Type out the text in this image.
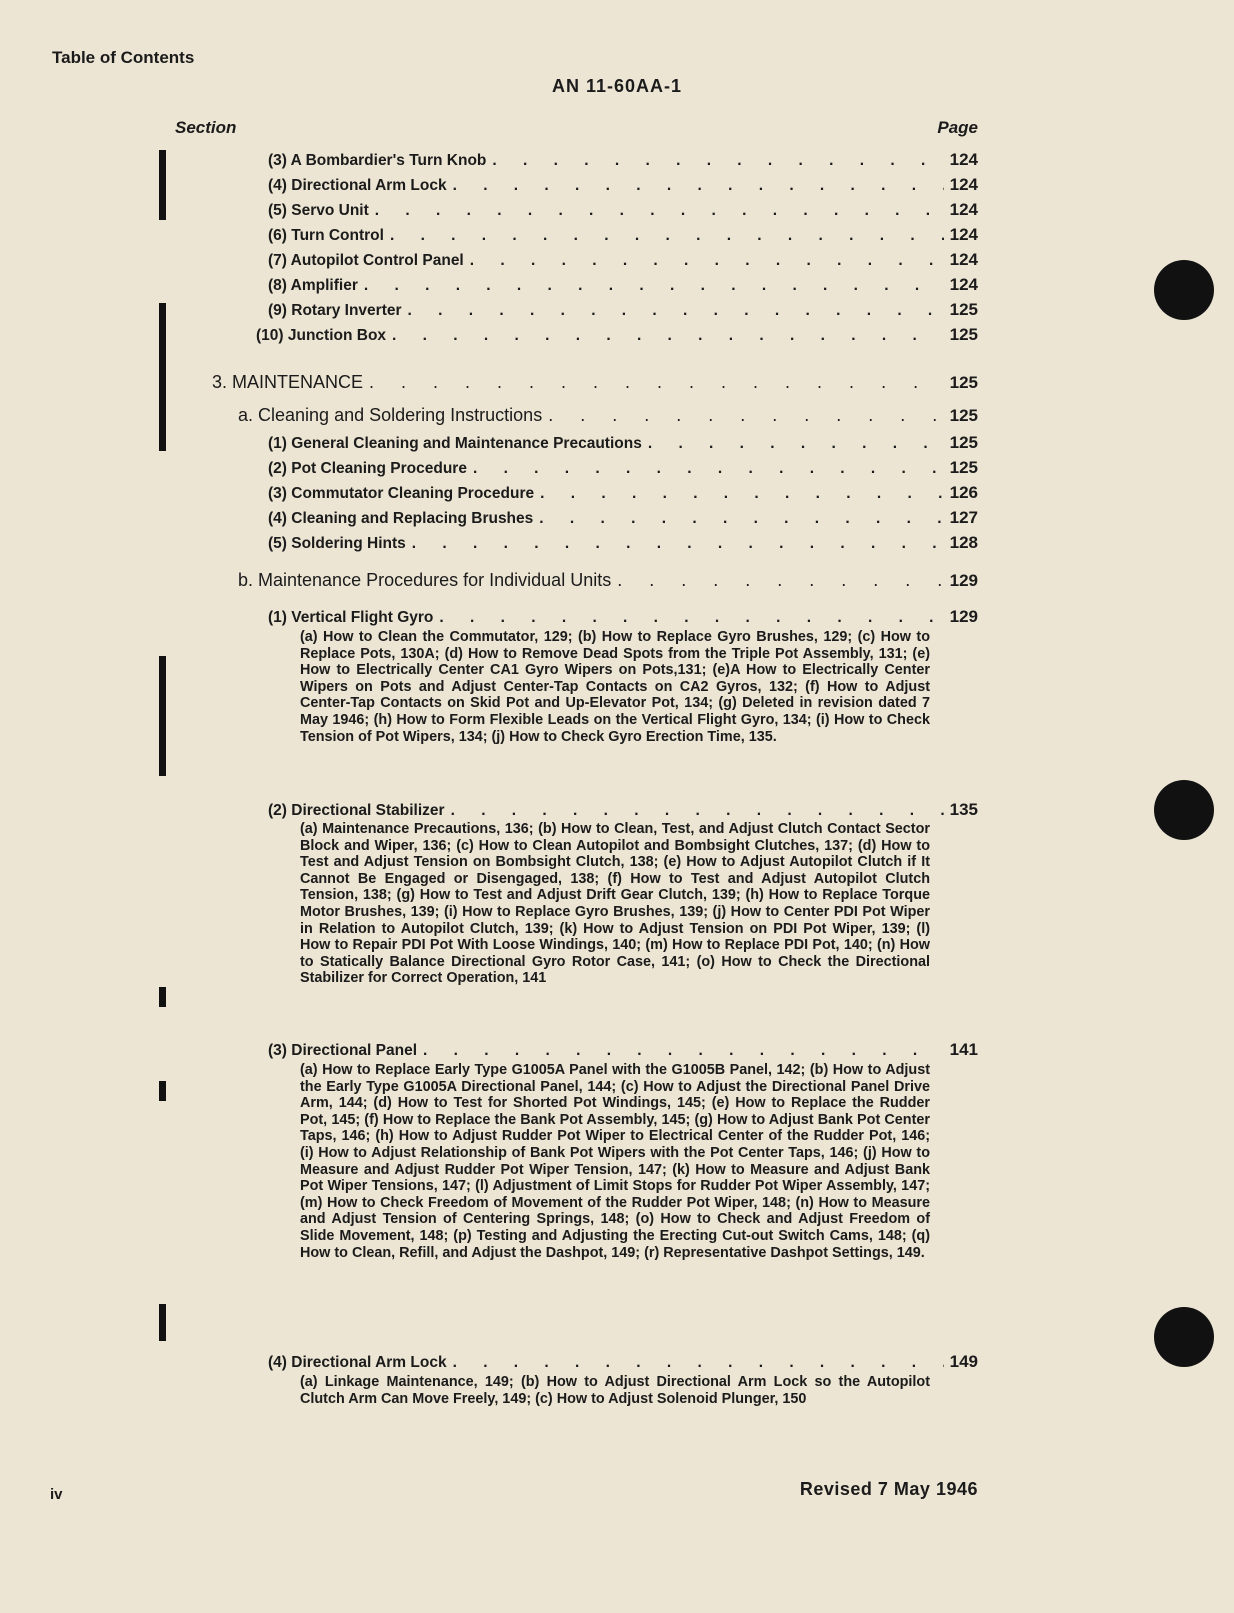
Table of Contents
AN 11-60AA-1
Section	Page
(3) A Bombardier's Turn Knob . . .	124
(4) Directional Arm Lock . . .	124
(5) Servo Unit . . .	124
(6) Turn Control . . .	124
(7) Autopilot Control Panel . . .	124
(8) Amplifier . . .	124
(9) Rotary Inverter . . .	125
(10) Junction Box . . .	125
3. MAINTENANCE . . .	125
a. Cleaning and Soldering Instructions . . .	125
(1) General Cleaning and Maintenance Precautions . . .	125
(2) Pot Cleaning Procedure . . .	125
(3) Commutator Cleaning Procedure . . .	126
(4) Cleaning and Replacing Brushes . . .	127
(5) Soldering Hints . . .	128
b. Maintenance Procedures for Individual Units . . .	129
(1) Vertical Flight Gyro . . .	129
(a) How to Clean the Commutator, 129; (b) How to Replace Gyro Brushes, 129; (c) How to Replace Pots, 130A; (d) How to Remove Dead Spots from the Triple Pot Assembly, 131; (e) How to Electrically Center CA1 Gyro Wipers on Pots,131; (e)A How to Electrically Center Wipers on Pots and Adjust Center-Tap Contacts on CA2 Gyros, 132; (f) How to Adjust Center-Tap Contacts on Skid Pot and Up-Elevator Pot, 134; (g) Deleted in revision dated 7 May 1946; (h) How to Form Flexible Leads on the Vertical Flight Gyro, 134; (i) How to Check Tension of Pot Wipers, 134; (j) How to Check Gyro Erection Time, 135.
(2) Directional Stabilizer . . .	135
(a) Maintenance Precautions, 136; (b) How to Clean, Test, and Adjust Clutch Contact Sector Block and Wiper, 136; (c) How to Clean Autopilot and Bombsight Clutches, 137; (d) How to Test and Adjust Tension on Bombsight Clutch, 138; (e) How to Adjust Autopilot Clutch if It Cannot Be Engaged or Disengaged, 138; (f) How to Test and Adjust Autopilot Clutch Tension, 138; (g) How to Test and Adjust Drift Gear Clutch, 139; (h) How to Replace Torque Motor Brushes, 139; (i) How to Replace Gyro Brushes, 139; (j) How to Center PDI Pot Wiper in Relation to Autopilot Clutch, 139; (k) How to Adjust Tension on PDI Pot Wiper, 139; (l) How to Repair PDI Pot With Loose Windings, 140; (m) How to Replace PDI Pot, 140; (n) How to Statically Balance Directional Gyro Rotor Case, 141; (o) How to Check the Directional Stabilizer for Correct Operation, 141
(3) Directional Panel . . .	141
(a) How to Replace Early Type G1005A Panel with the G1005B Panel, 142; (b) How to Adjust the Early Type G1005A Directional Panel, 144; (c) How to Adjust the Directional Panel Drive Arm, 144; (d) How to Test for Shorted Pot Windings, 145; (e) How to Replace the Rudder Pot, 145; (f) How to Replace the Bank Pot Assembly, 145; (g) How to Adjust Bank Pot Center Taps, 146; (h) How to Adjust Rudder Pot Wiper to Electrical Center of the Rudder Pot, 146; (i) How to Adjust Relationship of Bank Pot Wipers with the Pot Center Taps, 146; (j) How to Measure and Adjust Rudder Pot Wiper Tension, 147; (k) How to Measure and Adjust Bank Pot Wiper Tensions, 147; (l) Adjustment of Limit Stops for Rudder Pot Wiper Assembly, 147; (m) How to Check Freedom of Movement of the Rudder Pot Wiper, 148; (n) How to Measure and Adjust Tension of Centering Springs, 148; (o) How to Check and Adjust Freedom of Slide Movement, 148; (p) Testing and Adjusting the Erecting Cut-out Switch Cams, 148; (q) How to Clean, Refill, and Adjust the Dashpot, 149; (r) Representative Dashpot Settings, 149.
(4) Directional Arm Lock . . .	149
(a) Linkage Maintenance, 149; (b) How to Adjust Directional Arm Lock so the Autopilot Clutch Arm Can Move Freely, 149; (c) How to Adjust Solenoid Plunger, 150
iv	Revised 7 May 1946
